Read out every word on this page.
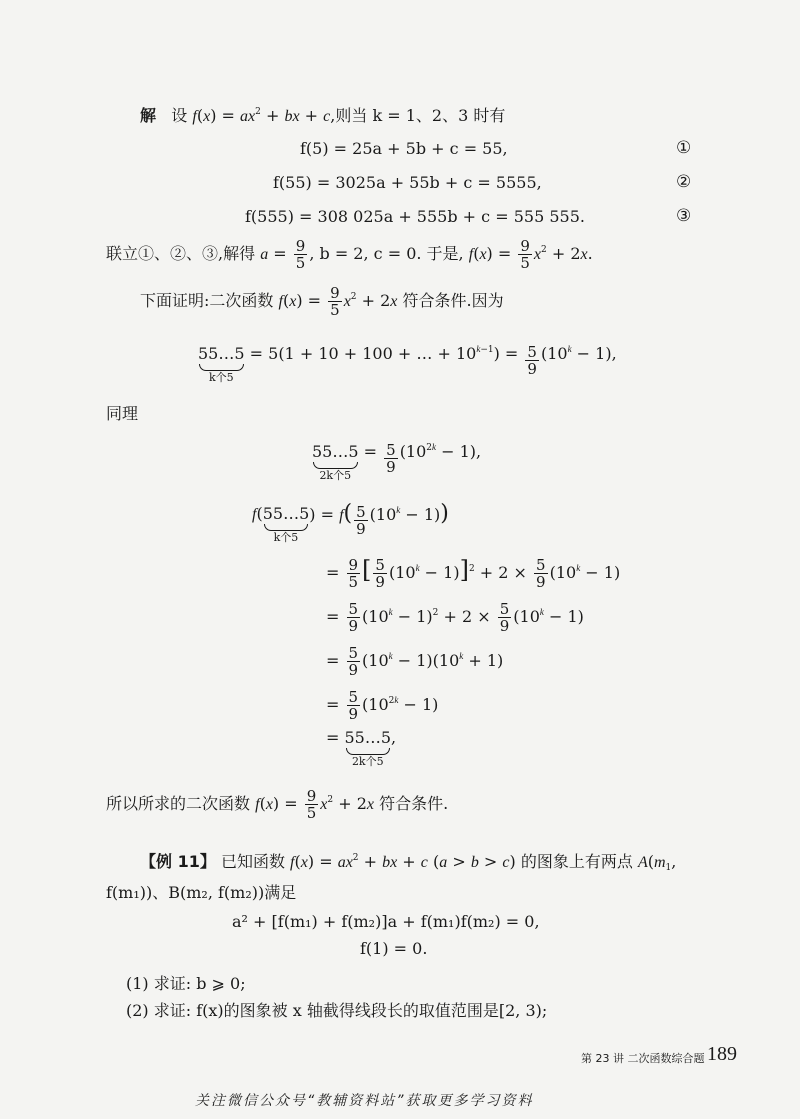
解 设 $f(x) = ax^2$ + bx + c,则当 k = 1、2、3 时有
f(5) = 25a + 5b + c = 55,	①
f(55) = 3025a + 55b + c = 5555,	②
f(555) = 308 025a + 555b + c = 555 555.	③
联立①、②、③,解得 $a = \frac{9}{5}$ , b = 2, c = 0. 于是, $f(x) = \frac{9}{5} x^2 + 2x$.
下面证明:二次函数 $f(x) = \frac{9}{5} x^2 + 2x$ 符合条件.因为
55…5
k个5
= 5(1 + 10 + 100 + … + $10^{k-1}) = \frac{5}{9} (10^k - 1)$,
同理
55…5
2k个5
= $\frac{5}{9} (10^{2k} - 1)$,
f( 55…5
k个5
) = $f( \frac{5}{9} (10^k - 1))$
= $\frac{9}{5}$ [ $\frac{5}{9} (10^k - 1)]^2 + 2 \times \frac{5}{9} (10^k - 1)$
= $\frac{5}{9} (10^k - 1)^2 + 2 \times \frac{5}{9} (10^k - 1)$
= $\frac{5}{9} (10^k - 1)(10^k + 1)$
= $\frac{5}{9} (10^{2k} - 1)$
= 55…5
2k个5
,
所以所求的二次函数 $f(x) = \frac{9}{5} x^2 + 2x$ 符合条件.
【例 11】 已知函数 $f(x) = ax^2$ + bx + c (a > b > c) 的图象上有两点 $A(m_1$,
f(m₁))、B(m₂, f(m₂))满足
a² + [f(m₁) + f(m₂)]a + f(m₁)f(m₂) = 0,
f(1) = 0.
(1) 求证: b ⩾ 0;
(2) 求证: f(x)的图象被 x 轴截得线段长的取值范围是[2, 3);
第 23 讲 二次函数综合题 189
关注微信公众号“教辅资料站”获取更多学习资料
